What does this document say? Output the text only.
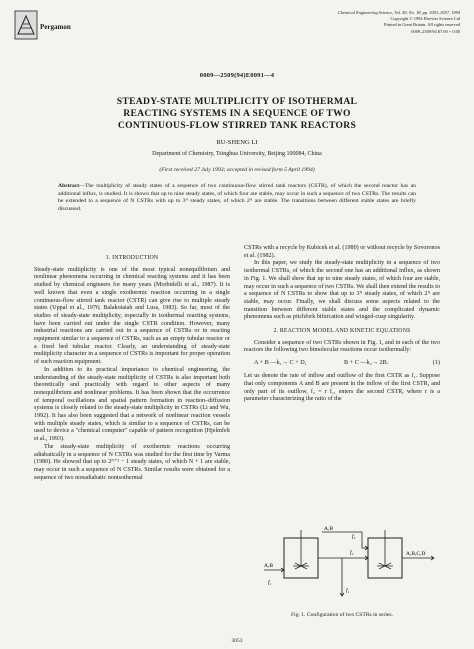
Pergamon
Chemical Engineering Science, Vol. 49, No. 18, pp. 3053–3057, 1994
Copyright © 1994 Elsevier Science Ltd
Printed in Great Britain. All rights reserved
0009–2509/94 $7.00 + 0.00
0009—2509(94)E0091—4
STEADY-STATE MULTIPLICITY OF ISOTHERMAL
REACTING SYSTEMS IN A SEQUENCE OF TWO
CONTINUOUS-FLOW STIRRED TANK REACTORS
RU-SHENG LI
Department of Chemistry, Tsinghua University, Beijing 100084, China
(First received 27 July 1993; accepted in revised form 5 April 1994)
Abstract—The multiplicity of steady states of a sequence of two continuous-flow stirred tank reactors (CSTR), of which the second reactor has an additional influx, is studied. It is shown that up to nine steady states, of which four are stable, may occur in such a sequence of two CSTRs. The results can be extended to a sequence of N CSTRs with up to 3ᴺ steady states, of which 2ᴺ are stable. The transitions between different stable states are briefly discussed.
1. INTRODUCTION

Steady-state multiplicity is one of the most typical nonequilibrium and nonlinear phenomena occurring in chemical reacting systems and it has been studied by chemical engineers for many years (Morbidelli et al., 1987). It is well known that even a single exothermic reaction occurring in a single continuous-flow stirred tank reactor (CSTR) can give rise to multiple steady states (Uppal et al., 1976; Balakotaiah and Luss, 1983). So far, most of the studies of steady-state multiplicity, especially in isothermal reacting systems, have been carried out under the single CSTR condition. However, many industrial reactions are carried out in a sequence of CSTRs or in reacting equipment similar to a sequence of CSTRs, such as an empty tubular reactor or a fixed bed tubular reactor. Clearly, an understanding of steady-state multiplicity character in a sequence of CSTRs is important for proper operation of such reaction equipment.

In addition to its practical importance to chemical engineering, the understanding of the steady-state multiplicity of CSTRs is also important both theoretically and practically with regard to other aspects of many nonequilibrium and nonlinear problems. It has been shown that the occurrence of temporal oscillations and spatial pattern formation in reaction–diffusion systems is closely related to the steady-state multiplicity in CSTRs (Li and Wu, 1992). It has also been suggested that a network of nonlinear reaction vessels with multiple steady states, which is similar to a sequence of CSTRs, can be used to device a "chemical computer" capable of pattern recognition (Hjelmfelt et al., 1993).

The steady-state multiplicity of exothermic reactions occurring adiabatically in a sequence of N CSTRs was studied for the first time by Varma (1980). He showed that up to 2ᴺ⁺¹ − 1 steady states, of which N + 1 are stable, may occur in such a sequence of N CSTRs. Similar results were obtained for a sequence of two nonadiabatic nonisothermal

CSTRs with a recycle by Kubicek et al. (1980) or without recycle by Sovoronos et al. (1982).

In this paper, we study the steady-state multiplicity in a sequence of two isothermal CSTRs, of which the second one has an additional influx, as shown in Fig. 1. We shall show that up to nine steady states, of which four are stable, may occur in such a sequence of two CSTRs. We shall then extend the results to a sequence of N CSTRs to show that up to 3ᴺ steady states, of which 2ᴺ are stable, may occur. Finally, we shall discuss some aspects related to the transition between different stable states and the complicated dynamic phenomena such as pitchfork bifurcation and winged-cusp singularity.

2. REACTION MODEL AND KINETIC EQUATIONS

Consider a sequence of two CSTRs shown in Fig. 1, and in each of the two reactors the following two bimolecular reactions occur isothermally:

A + B —k₁→ C + D,	B + C —k₂→ 2B.	(1)

Let us denote the rate of inflow and outflow of the first CSTR as f₁. Suppose that only components A and B are present in the inflow of the first CSTR, and only part of its outflow, f₂ = r f₁, enters the second CSTR, where r is a parameter characterizing the ratio of the

A,B
A,B
A,B,C,D
f₁
f₂
f₃
f₁
Fig. 1. Configuration of two CSTRs in series.
3053
